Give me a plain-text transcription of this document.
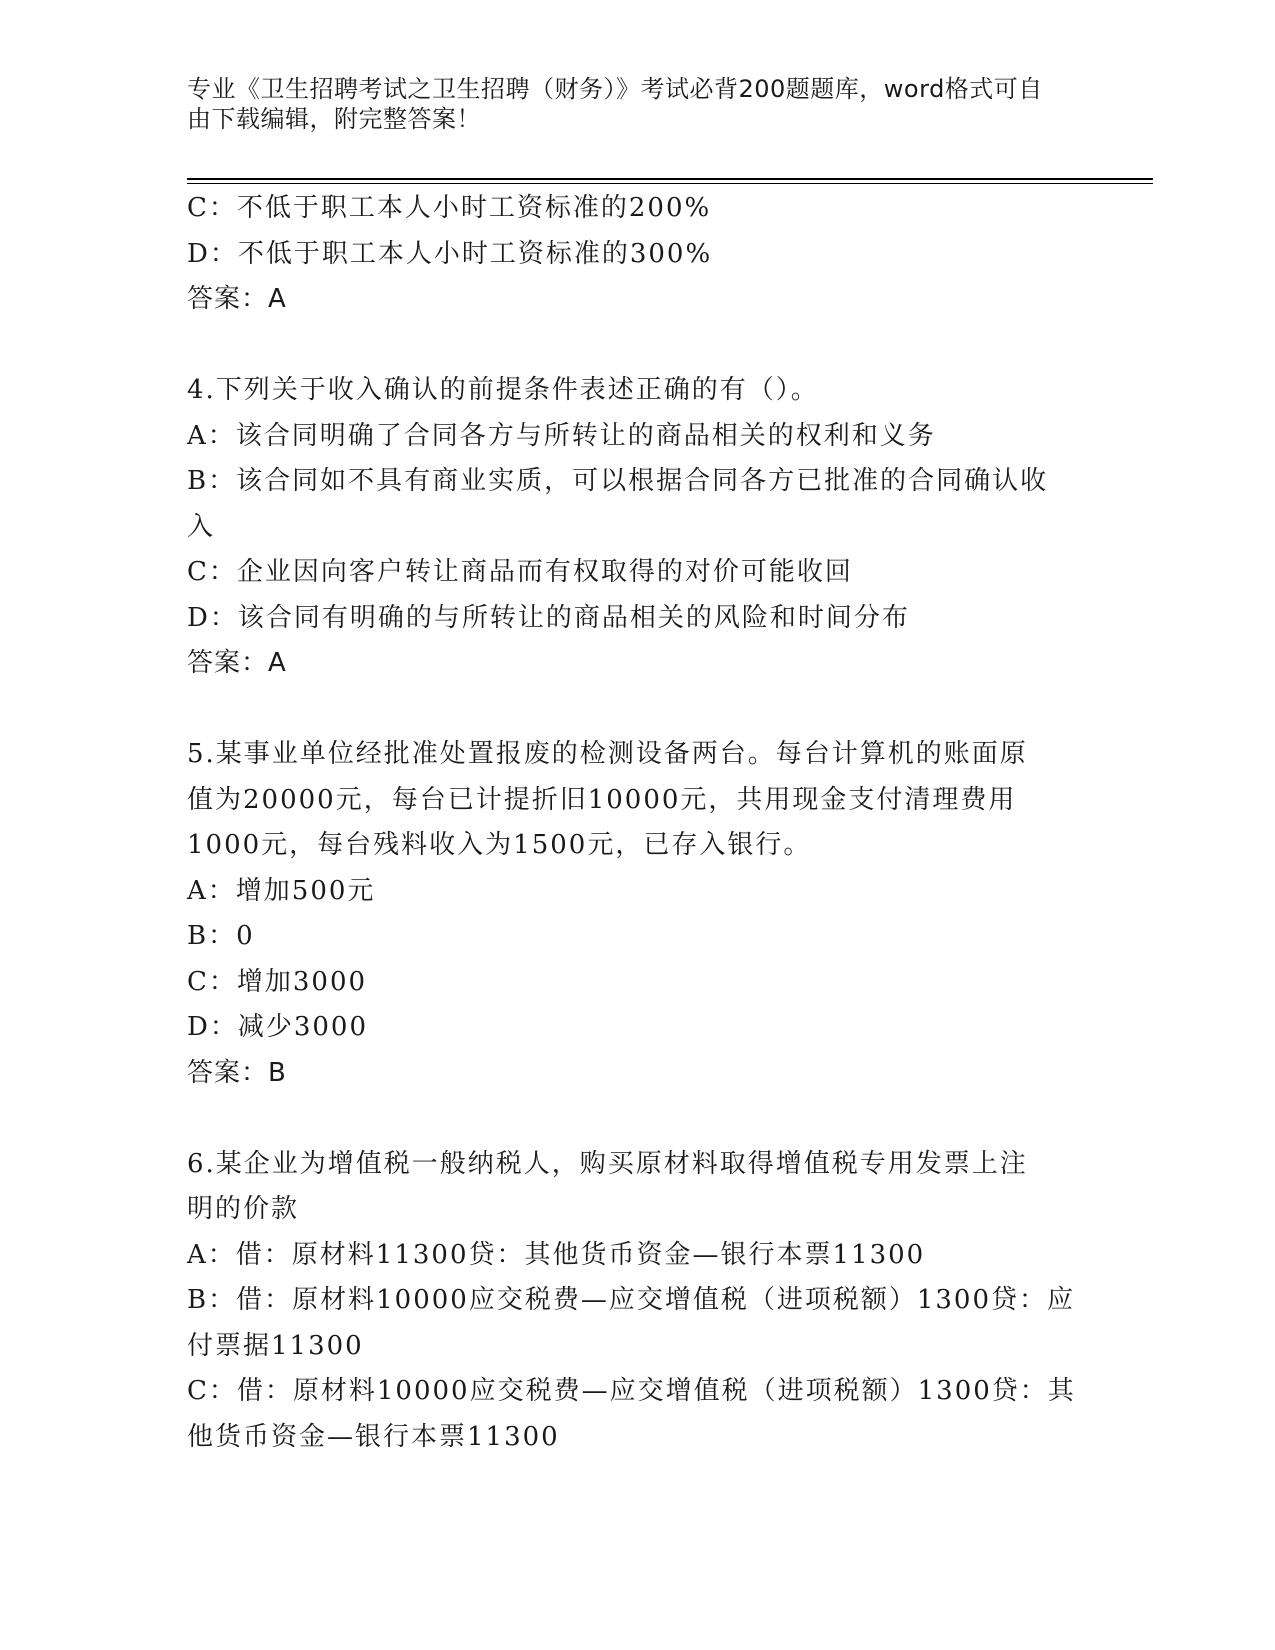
专业《卫生招聘考试之卫生招聘（财务）》考试必背200题题库，word格式可自
由下载编辑，附完整答案！
C：不低于职工本人小时工资标准的200%
D：不低于职工本人小时工资标准的300%
答案：A
4.下列关于收入确认的前提条件表述正确的有（）。
A：该合同明确了合同各方与所转让的商品相关的权利和义务
B：该合同如不具有商业实质，可以根据合同各方已批准的合同确认收
入
C：企业因向客户转让商品而有权取得的对价可能收回
D：该合同有明确的与所转让的商品相关的风险和时间分布
答案：A
5.某事业单位经批准处置报废的检测设备两台。每台计算机的账面原
值为20000元，每台已计提折旧10000元，共用现金支付清理费用
1000元，每台残料收入为1500元，已存入银行。
A：增加500元
B：0
C：增加3000
D：减少3000
答案：B
6.某企业为增值税一般纳税人，购买原材料取得增值税专用发票上注
明的价款
A：借：原材料11300贷：其他货币资金—银行本票11300
B：借：原材料10000应交税费—应交增值税（进项税额）1300贷：应
付票据11300
C：借：原材料10000应交税费—应交增值税（进项税额）1300贷：其
他货币资金—银行本票11300
